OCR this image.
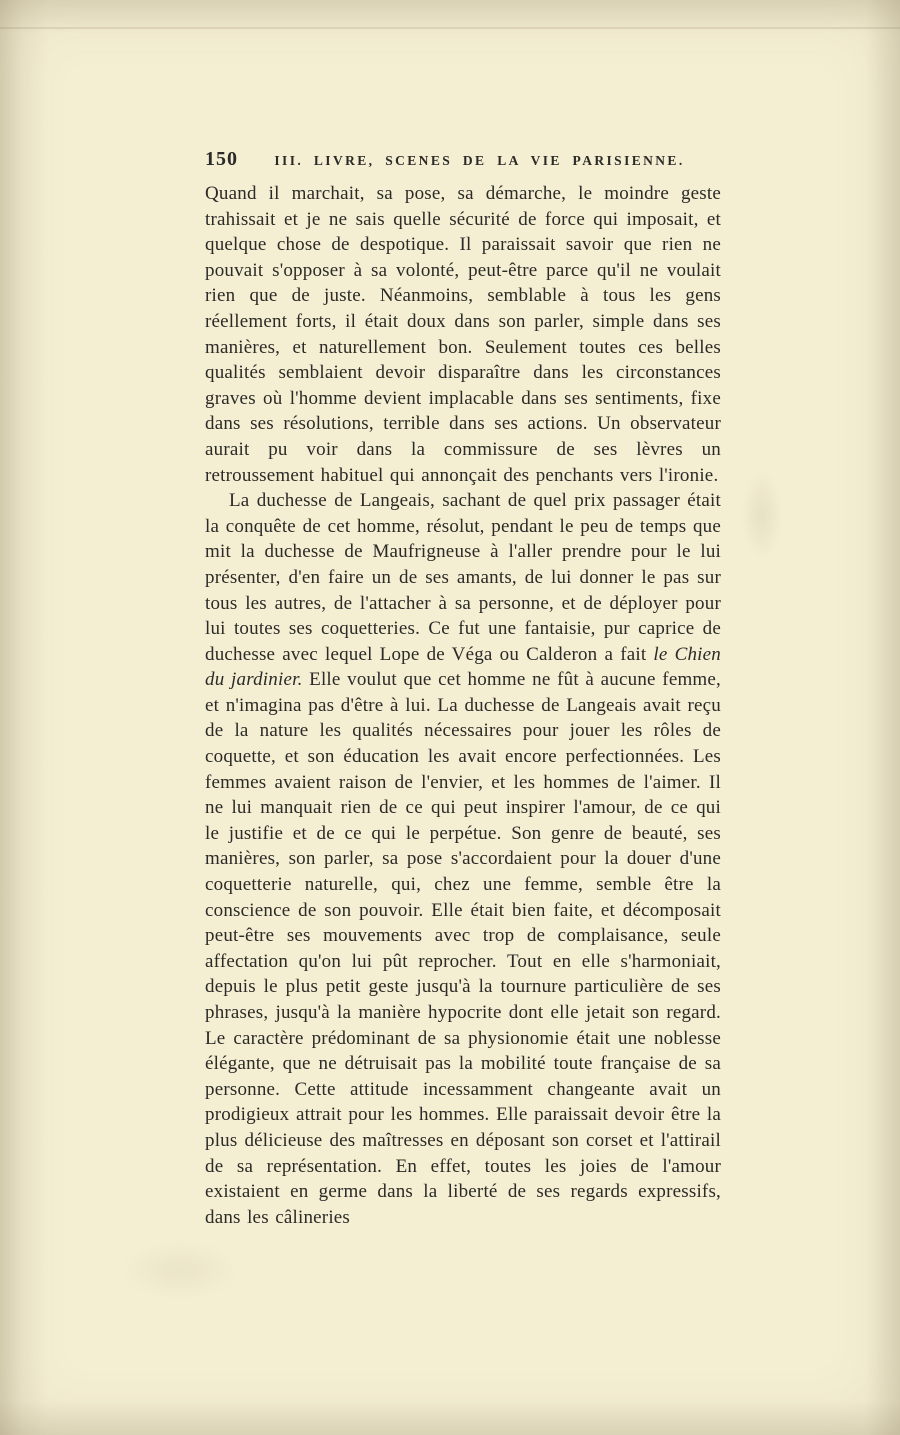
150	III. LIVRE, SCENES DE LA VIE PARISIENNE.

Quand il marchait, sa pose, sa démarche, le moindre geste trahissait et je ne sais quelle sécurité de force qui imposait, et quelque chose de despotique. Il paraissait savoir que rien ne pouvait s'opposer à sa volonté, peut-être parce qu'il ne voulait rien que de juste. Néanmoins, semblable à tous les gens réellement forts, il était doux dans son parler, simple dans ses manières, et naturellement bon. Seulement toutes ces belles qualités semblaient devoir disparaître dans les circonstances graves où l'homme devient implacable dans ses sentiments, fixe dans ses résolutions, terrible dans ses actions. Un observateur aurait pu voir dans la commissure de ses lèvres un retroussement habituel qui annonçait des penchants vers l'ironie.

La duchesse de Langeais, sachant de quel prix passager était la conquête de cet homme, résolut, pendant le peu de temps que mit la duchesse de Maufrigneuse à l'aller prendre pour le lui présenter, d'en faire un de ses amants, de lui donner le pas sur tous les autres, de l'attacher à sa personne, et de déployer pour lui toutes ses coquetteries. Ce fut une fantaisie, pur caprice de duchesse avec lequel Lope de Véga ou Calderon a fait le Chien du jardinier. Elle voulut que cet homme ne fût à aucune femme, et n'imagina pas d'être à lui. La duchesse de Langeais avait reçu de la nature les qualités nécessaires pour jouer les rôles de coquette, et son éducation les avait encore perfectionnées. Les femmes avaient raison de l'envier, et les hommes de l'aimer. Il ne lui manquait rien de ce qui peut inspirer l'amour, de ce qui le justifie et de ce qui le perpétue. Son genre de beauté, ses manières, son parler, sa pose s'accordaient pour la douer d'une coquetterie naturelle, qui, chez une femme, semble être la conscience de son pouvoir. Elle était bien faite, et décomposait peut-être ses mouvements avec trop de complaisance, seule affectation qu'on lui pût reprocher. Tout en elle s'harmoniait, depuis le plus petit geste jusqu'à la tournure particulière de ses phrases, jusqu'à la manière hypocrite dont elle jetait son regard. Le caractère prédominant de sa physionomie était une noblesse élégante, que ne détruisait pas la mobilité toute française de sa personne. Cette attitude incessamment changeante avait un prodigieux attrait pour les hommes. Elle paraissait devoir être la plus délicieuse des maîtresses en déposant son corset et l'attirail de sa représentation. En effet, toutes les joies de l'amour existaient en germe dans la liberté de ses regards expressifs, dans les câlineries
